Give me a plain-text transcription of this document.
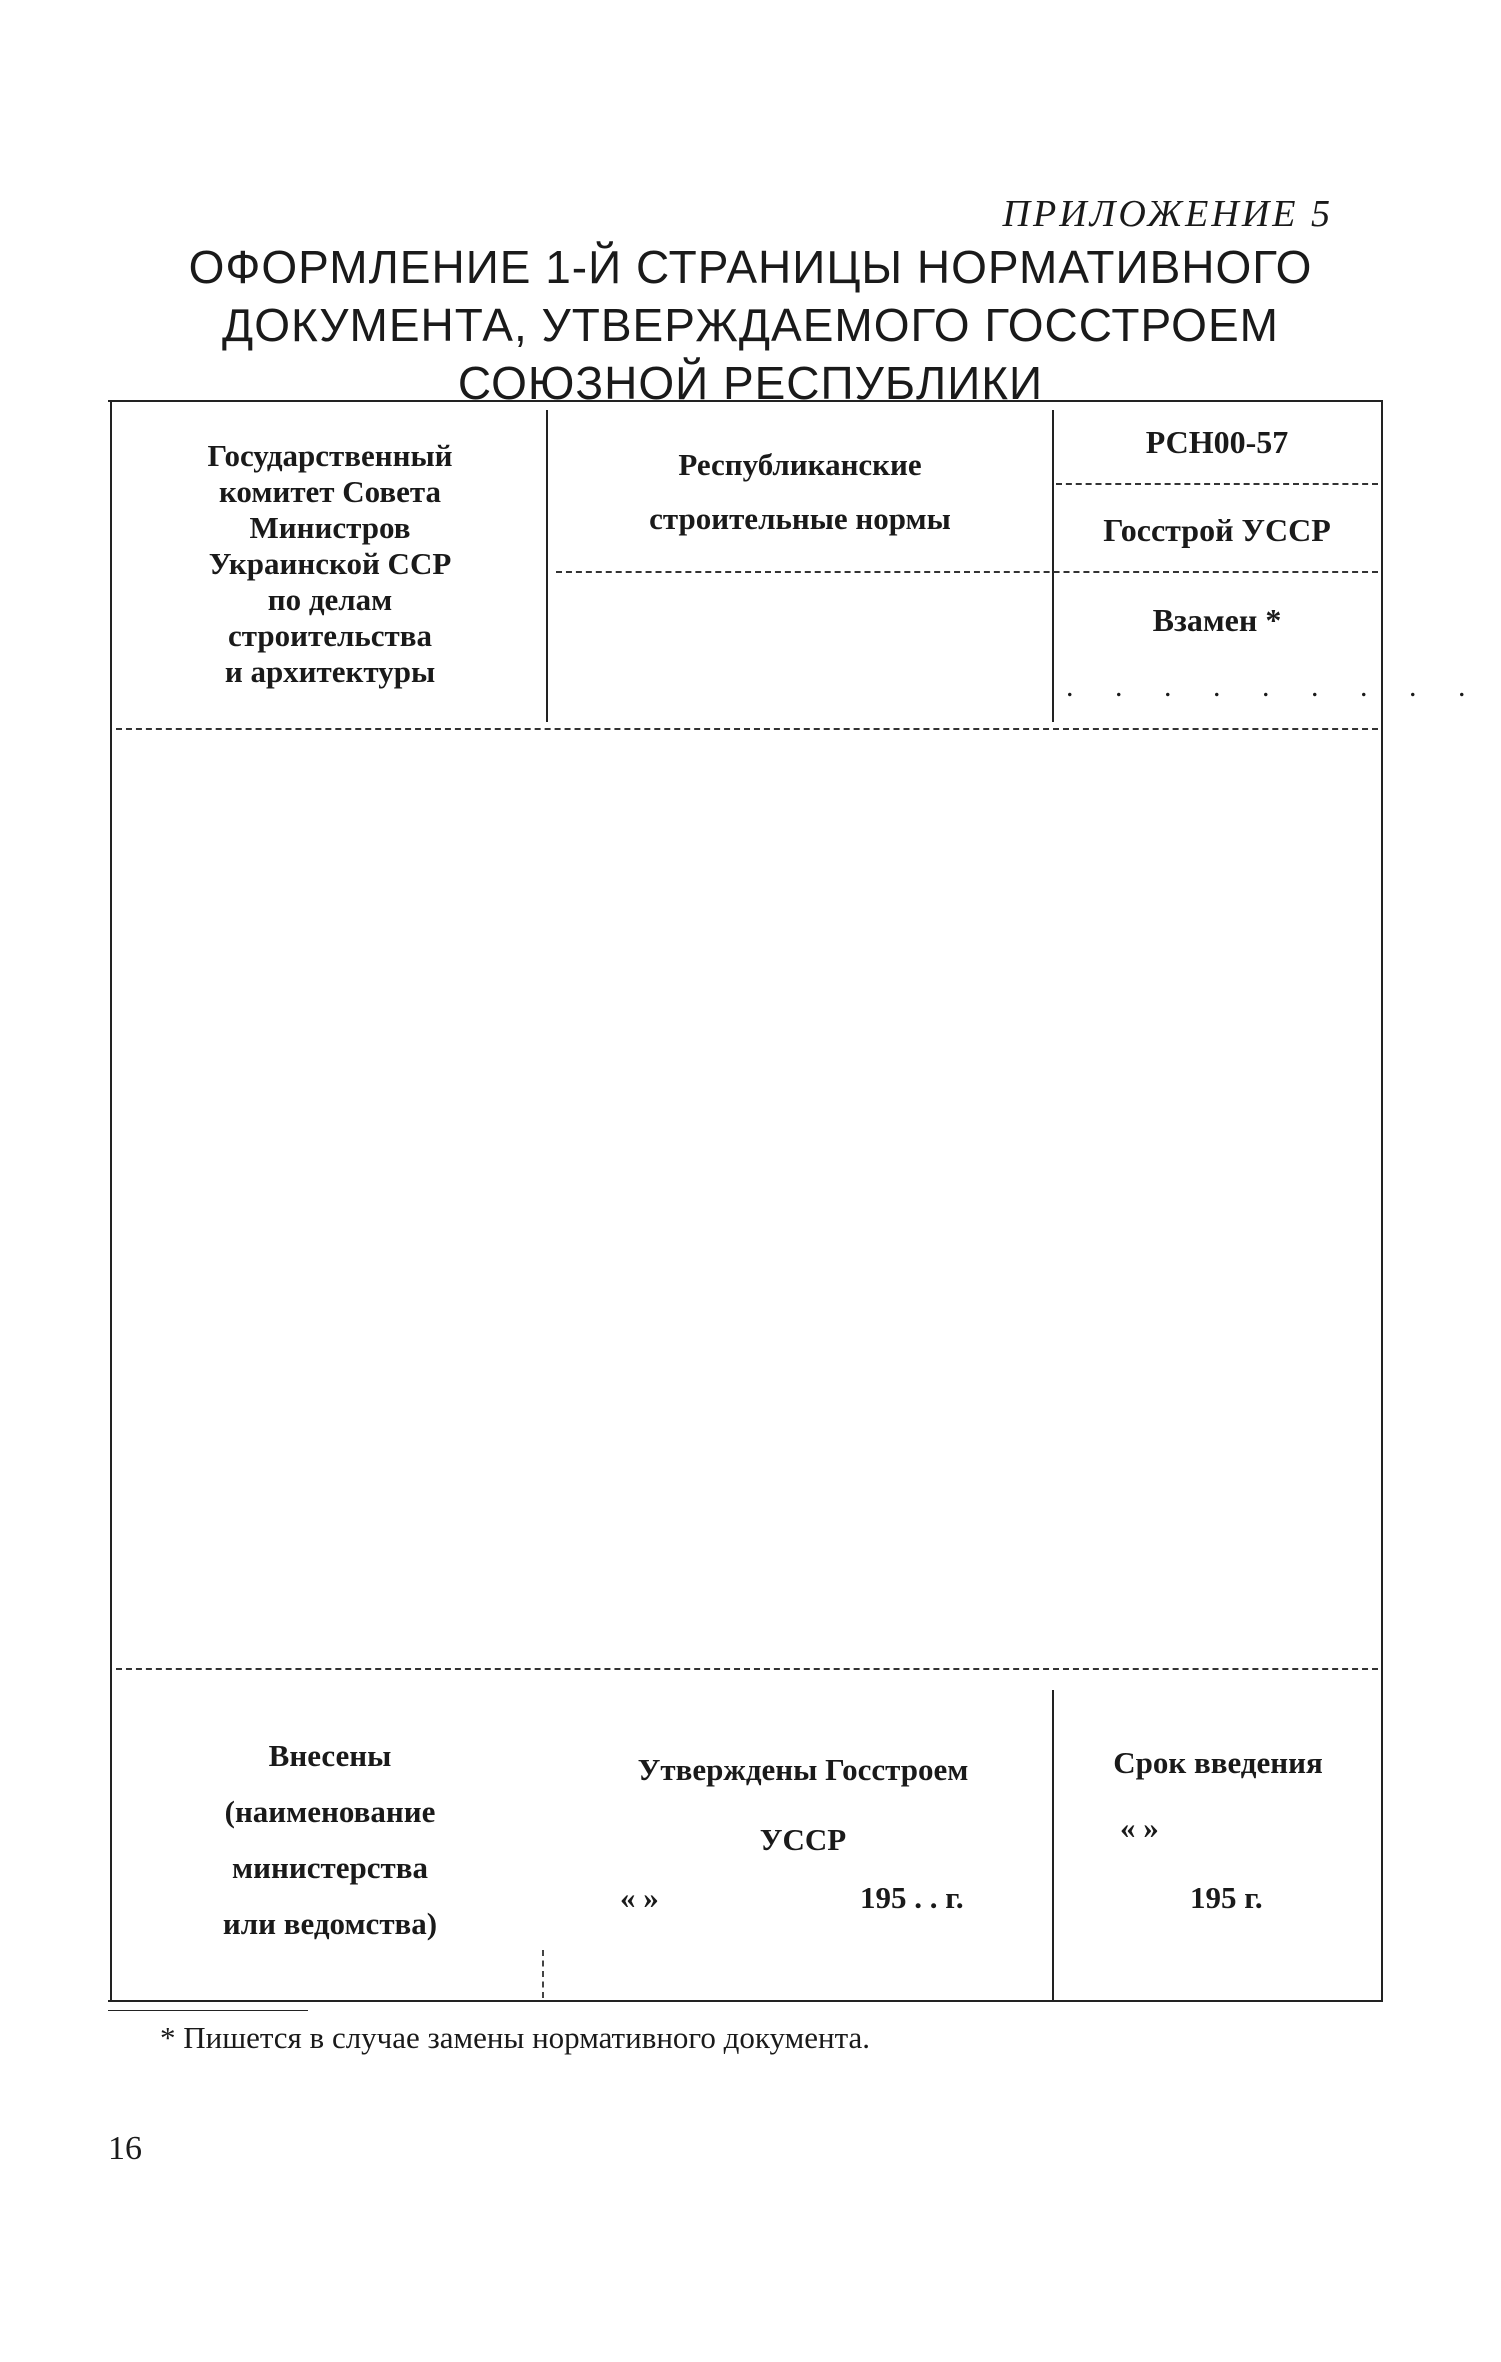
ПРИЛОЖЕНИЕ 5
ОФОРМЛЕНИЕ 1-Й СТРАНИЦЫ НОРМАТИВНОГО
ДОКУМЕНТА, УТВЕРЖДАЕМОГО ГОССТРОЕМ
СОЮЗНОЙ РЕСПУБЛИКИ
Государственный
комитет Совета
Министров
Украинской ССР
по делам
строительства
и архитектуры
Республиканские
строительные нормы
РСН00-57
Госстрой УССР
Взамен *
. . . . . . . . .
Внесены
(наименование
министерства
или ведомства)
Утверждены Госстроем
УССР
« »	195 . . г.
Срок введения
« »
195 г.
* Пишется в случае замены нормативного документа.
16
